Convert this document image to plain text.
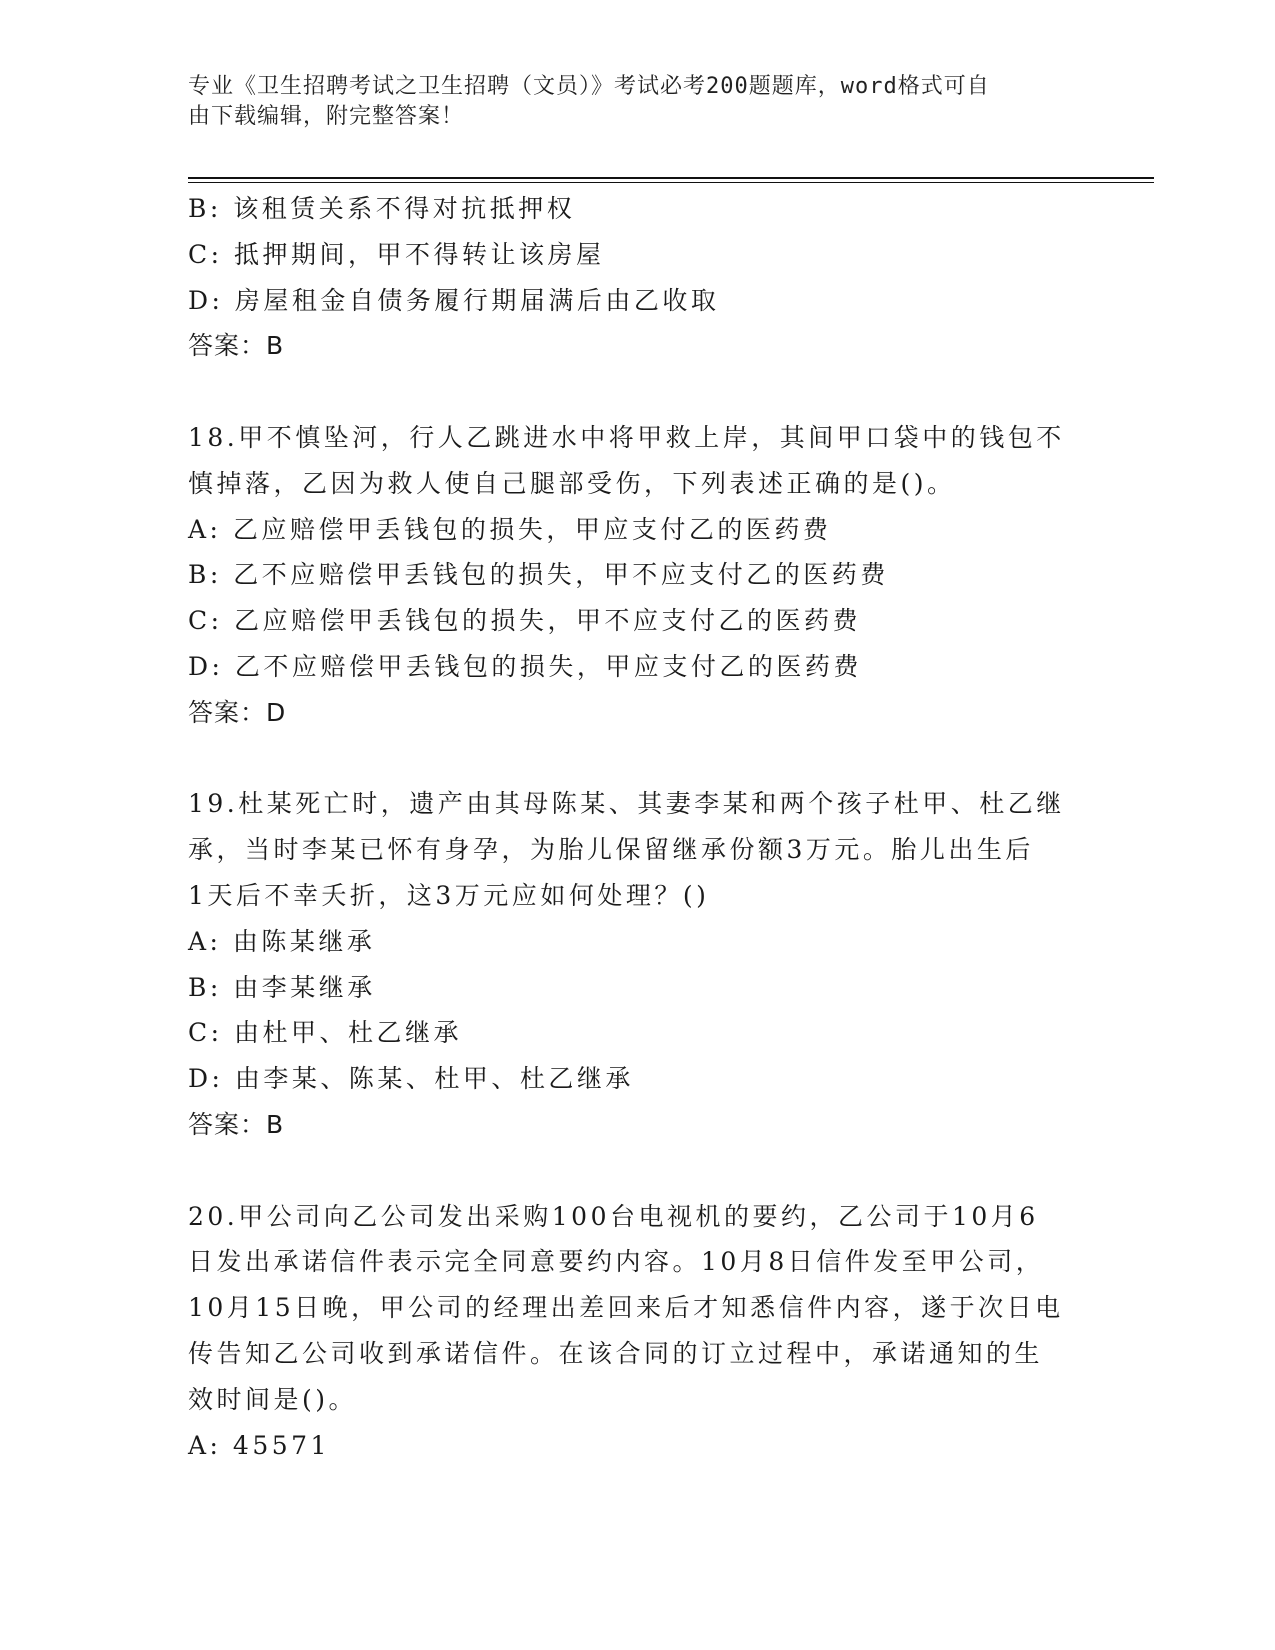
专业《卫生招聘考试之卫生招聘（文员）》考试必考200题题库，word格式可自
由下载编辑，附完整答案！
B: 该租赁关系不得对抗抵押权
C: 抵押期间，甲不得转让该房屋
D: 房屋租金自债务履行期届满后由乙收取
答案：B
18.甲不慎坠河，行人乙跳进水中将甲救上岸，其间甲口袋中的钱包不
慎掉落，乙因为救人使自己腿部受伤，下列表述正确的是()。
A: 乙应赔偿甲丢钱包的损失，甲应支付乙的医药费
B: 乙不应赔偿甲丢钱包的损失，甲不应支付乙的医药费
C: 乙应赔偿甲丢钱包的损失，甲不应支付乙的医药费
D: 乙不应赔偿甲丢钱包的损失，甲应支付乙的医药费
答案：D
19.杜某死亡时，遗产由其母陈某、其妻李某和两个孩子杜甲、杜乙继
承，当时李某已怀有身孕，为胎儿保留继承份额3万元。胎儿出生后
1天后不幸夭折，这3万元应如何处理？()
A: 由陈某继承
B: 由李某继承
C: 由杜甲、杜乙继承
D: 由李某、陈某、杜甲、杜乙继承
答案：B
20.甲公司向乙公司发出采购100台电视机的要约，乙公司于10月6
日发出承诺信件表示完全同意要约内容。10月8日信件发至甲公司，
10月15日晚，甲公司的经理出差回来后才知悉信件内容，遂于次日电
传告知乙公司收到承诺信件。在该合同的订立过程中，承诺通知的生
效时间是()。
A: 45571
